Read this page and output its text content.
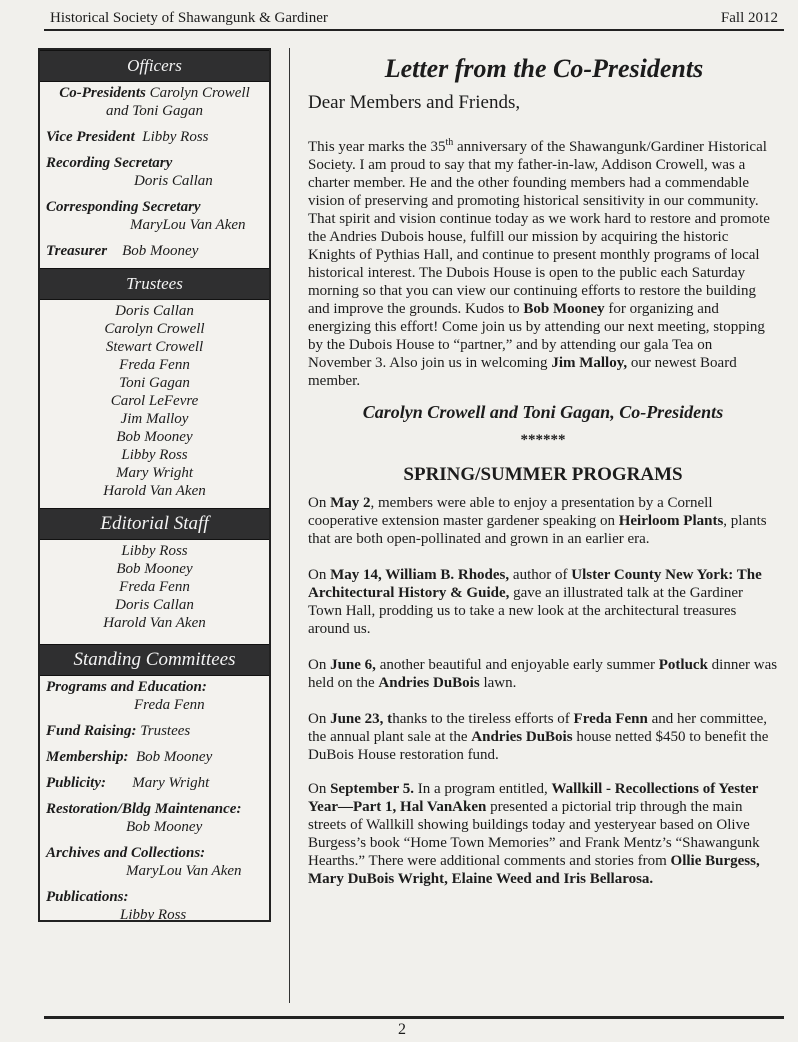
Historical Society of Shawangunk & Gardiner	Fall 2012
Officers
Co-Presidents Carolyn Crowell
and Toni Gagan
Vice President Libby Ross
Recording Secretary
Doris Callan
Corresponding Secretary
MaryLou Van Aken
Treasurer Bob Mooney
Trustees
Doris Callan
Carolyn Crowell
Stewart Crowell
Freda Fenn
Toni Gagan
Carol LeFevre
Jim Malloy
Bob Mooney
Libby Ross
Mary Wright
Harold Van Aken
Editorial Staff
Libby Ross
Bob Mooney
Freda Fenn
Doris Callan
Harold Van Aken
Standing Committees
Programs and Education:
Freda Fenn
Fund Raising: Trustees
Membership: Bob Mooney
Publicity: Mary Wright
Restoration/Bldg Maintenance:
Bob Mooney
Archives and Collections:
MaryLou Van Aken
Publications:
Libby Ross
Letter from the Co-Presidents
Dear Members and Friends,
This year marks the 35th anniversary of the Shawangunk/Gardiner Historical Society. I am proud to say that my father-in-law, Addison Crowell, was a charter member. He and the other founding members had a commendable vision of preserving and promoting historical sensitivity in our community. That spirit and vision continue today as we work hard to restore and promote the Andries Dubois house, fulfill our mission by acquiring the historic Knights of Pythias Hall, and continue to present monthly programs of local historical interest. The Dubois House is open to the public each Saturday morning so that you can view our continuing efforts to restore the building and improve the grounds. Kudos to Bob Mooney for organizing and energizing this effort! Come join us by attending our next meeting, stopping by the Dubois House to “partner,” and by attending our gala Tea on November 3. Also join us in welcoming Jim Malloy, our newest Board member.
Carolyn Crowell and Toni Gagan, Co-Presidents
******
SPRING/SUMMER PROGRAMS
On May 2, members were able to enjoy a presentation by a Cornell cooperative extension master gardener speaking on Heirloom Plants, plants that are both open-pollinated and grown in an earlier era.
On May 14, William B. Rhodes, author of Ulster County New York: The Architectural History & Guide, gave an illustrated talk at the Gardiner Town Hall, prodding us to take a new look at the architectural treasures around us.
On June 6, another beautiful and enjoyable early summer Potluck dinner was held on the Andries DuBois lawn.
On June 23, thanks to the tireless efforts of Freda Fenn and her committee, the annual plant sale at the Andries DuBois house netted $450 to benefit the DuBois House restoration fund.
On September 5. In a program entitled, Wallkill - Recollections of Yester Year—Part 1, Hal VanAken presented a pictorial trip through the main streets of Wallkill showing buildings today and yesteryear based on Olive Burgess’s book “Home Town Memories” and Frank Mentz’s “Shawangunk Hearths.” There were additional comments and stories from Ollie Burgess, Mary DuBois Wright, Elaine Weed and Iris Bellarosa.
2
